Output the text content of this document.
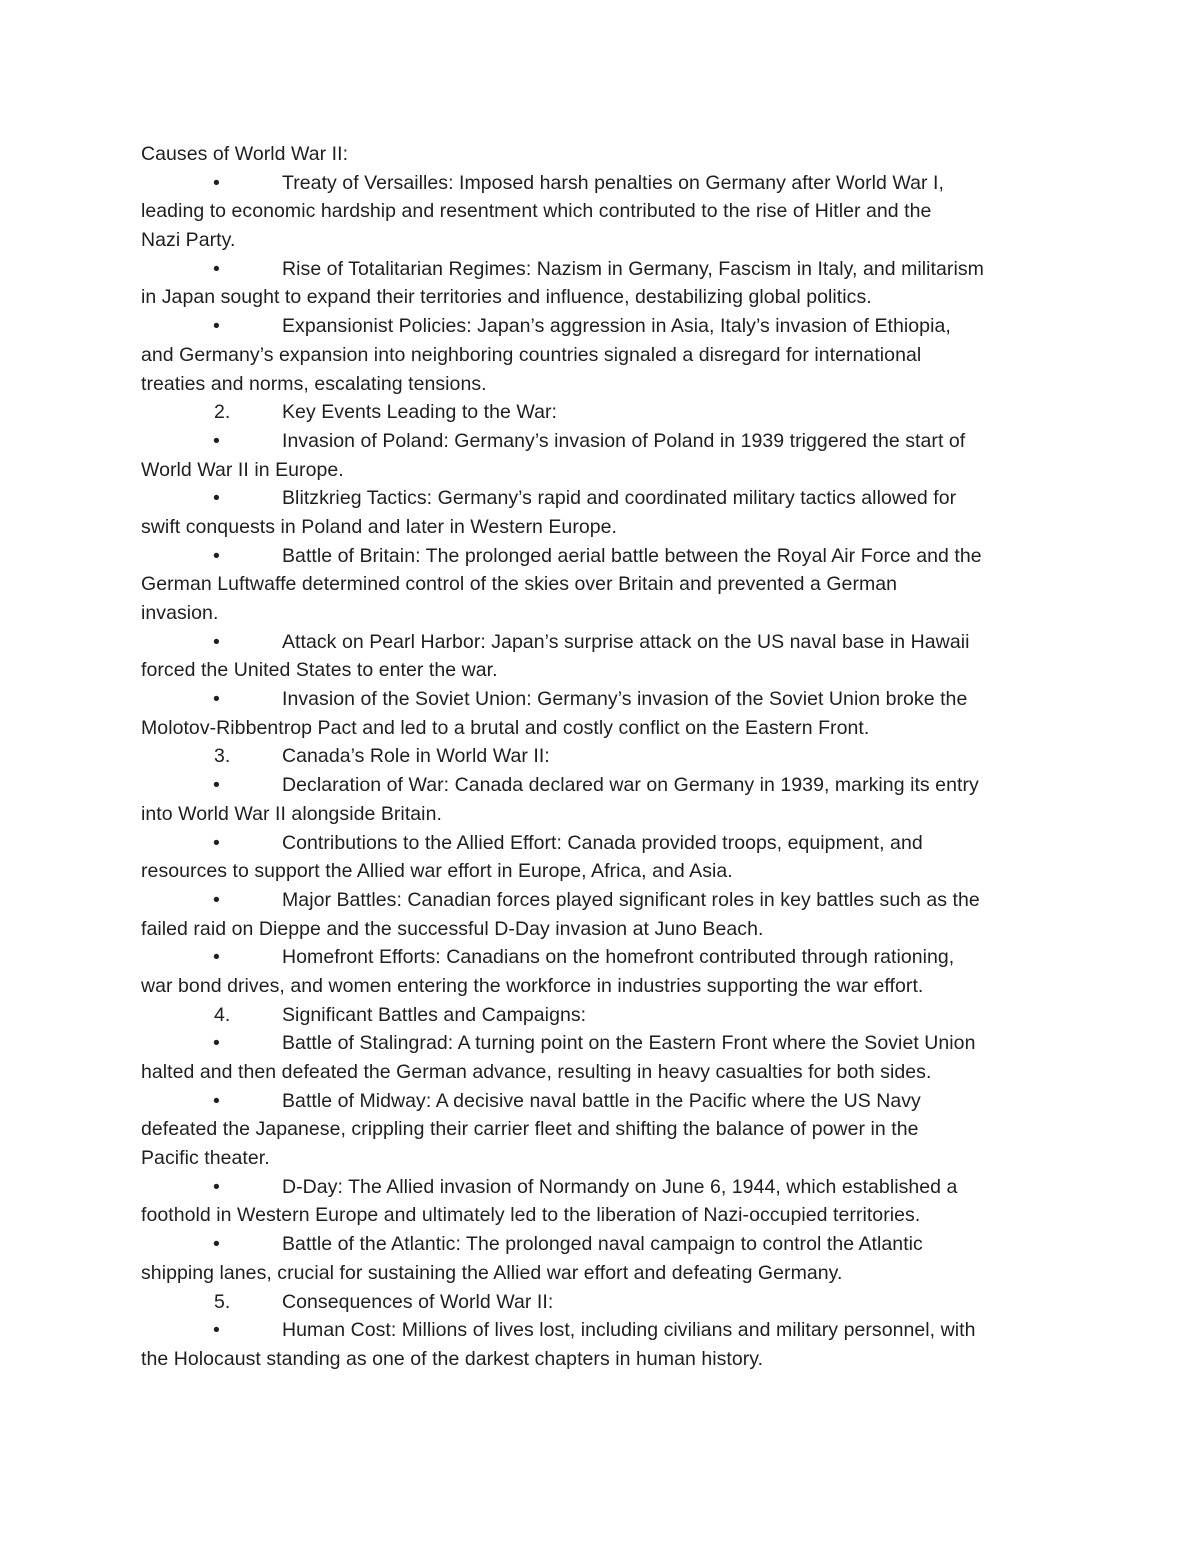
Causes of World War II:
•	Treaty of Versailles: Imposed harsh penalties on Germany after World War I,
leading to economic hardship and resentment which contributed to the rise of Hitler and the
Nazi Party.
•	Rise of Totalitarian Regimes: Nazism in Germany, Fascism in Italy, and militarism
in Japan sought to expand their territories and influence, destabilizing global politics.
•	Expansionist Policies: Japan’s aggression in Asia, Italy’s invasion of Ethiopia,
and Germany’s expansion into neighboring countries signaled a disregard for international
treaties and norms, escalating tensions.
2.	Key Events Leading to the War:
•	Invasion of Poland: Germany’s invasion of Poland in 1939 triggered the start of
World War II in Europe.
•	Blitzkrieg Tactics: Germany’s rapid and coordinated military tactics allowed for
swift conquests in Poland and later in Western Europe.
•	Battle of Britain: The prolonged aerial battle between the Royal Air Force and the
German Luftwaffe determined control of the skies over Britain and prevented a German
invasion.
•	Attack on Pearl Harbor: Japan’s surprise attack on the US naval base in Hawaii
forced the United States to enter the war.
•	Invasion of the Soviet Union: Germany’s invasion of the Soviet Union broke the
Molotov-Ribbentrop Pact and led to a brutal and costly conflict on the Eastern Front.
3.	Canada’s Role in World War II:
•	Declaration of War: Canada declared war on Germany in 1939, marking its entry
into World War II alongside Britain.
•	Contributions to the Allied Effort: Canada provided troops, equipment, and
resources to support the Allied war effort in Europe, Africa, and Asia.
•	Major Battles: Canadian forces played significant roles in key battles such as the
failed raid on Dieppe and the successful D-Day invasion at Juno Beach.
•	Homefront Efforts: Canadians on the homefront contributed through rationing,
war bond drives, and women entering the workforce in industries supporting the war effort.
4.	Significant Battles and Campaigns:
•	Battle of Stalingrad: A turning point on the Eastern Front where the Soviet Union
halted and then defeated the German advance, resulting in heavy casualties for both sides.
•	Battle of Midway: A decisive naval battle in the Pacific where the US Navy
defeated the Japanese, crippling their carrier fleet and shifting the balance of power in the
Pacific theater.
•	D-Day: The Allied invasion of Normandy on June 6, 1944, which established a
foothold in Western Europe and ultimately led to the liberation of Nazi-occupied territories.
•	Battle of the Atlantic: The prolonged naval campaign to control the Atlantic
shipping lanes, crucial for sustaining the Allied war effort and defeating Germany.
5.	Consequences of World War II:
•	Human Cost: Millions of lives lost, including civilians and military personnel, with
the Holocaust standing as one of the darkest chapters in human history.
